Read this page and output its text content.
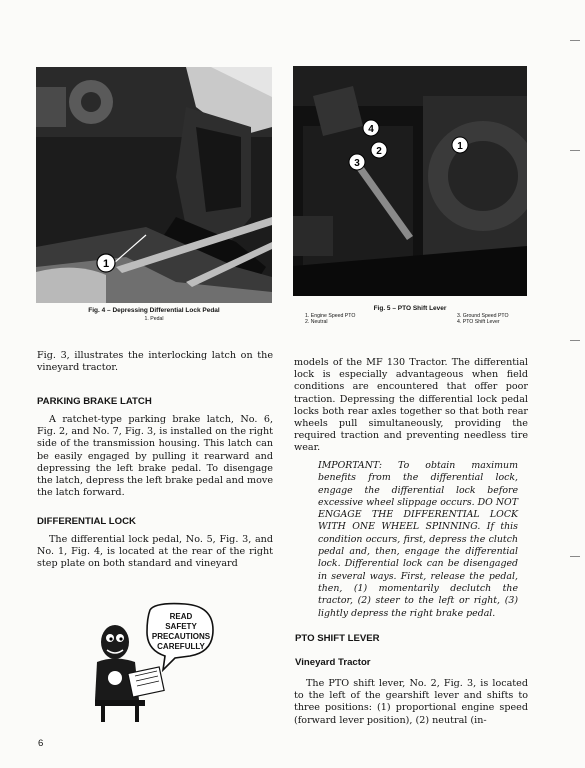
1
Fig. 4 – Depressing Differential Lock Pedal
1. Pedal
4
2
3
1
Fig. 5 – PTO Shift Lever
1. Engine Speed PTO
2. Neutral
3. Ground Speed PTO
4. PTO Shift Lever

Fig. 3, illustrates the interlocking latch on the vineyard tractor.

PARKING BRAKE LATCH

A ratchet-type parking brake latch, No. 6, Fig. 2, and No. 7, Fig. 3, is installed on the right side of the transmission housing. This latch can be easily engaged by pulling it rearward and depressing the left brake pedal. To disengage the latch, depress the left brake pedal and move the latch forward.

DIFFERENTIAL LOCK

The differential lock pedal, No. 5, Fig. 3, and No. 1, Fig. 4, is located at the rear of the right step plate on both standard and vineyard

READ
SAFETY
PRECAUTIONS
CAREFULLY
6

models of the MF 130 Tractor. The differential lock is especially advantageous when field conditions are encountered that offer poor traction. Depressing the differential lock pedal locks both rear axles together so that both rear wheels pull simultaneously, providing the required traction and preventing needless tire wear.

IMPORTANT: To obtain maximum benefits from the differential lock, engage the differential lock before excessive wheel slippage occurs. DO NOT ENGAGE THE DIFFERENTIAL LOCK WITH ONE WHEEL SPINNING. If this condition occurs, first, depress the clutch pedal and, then, engage the differential lock. Differential lock can be disengaged in several ways. First, release the pedal, then, (1) momentarily declutch the tractor, (2) steer to the left or right, (3) lightly depress the right brake pedal.

PTO SHIFT LEVER
Vineyard Tractor

The PTO shift lever, No. 2, Fig. 3, is located to the left of the gearshift lever and shifts to three positions: (1) proportional engine speed (forward lever position), (2) neutral (in-
